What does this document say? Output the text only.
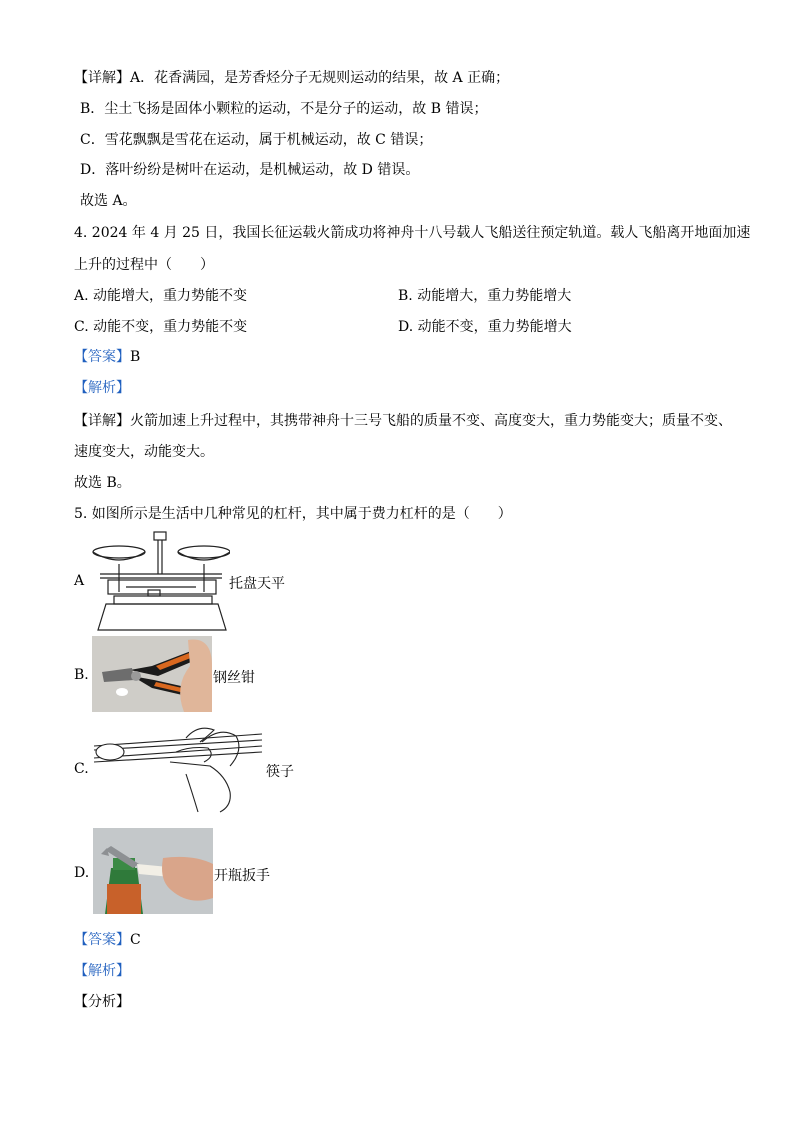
【详解】A．花香满园，是芳香烃分子无规则运动的结果，故 A 正确；
B．尘土飞扬是固体小颗粒的运动，不是分子的运动，故 B 错误；
C．雪花飘飘是雪花在运动，属于机械运动，故 C 错误；
D．落叶纷纷是树叶在运动，是机械运动，故 D 错误。
故选 A。
4. 2024 年 4 月 25 日，我国长征运载火箭成功将神舟十八号载人飞船送往预定轨道。载人飞船离开地面加速
上升的过程中（　　）
A. 动能增大，重力势能不变	B. 动能增大，重力势能增大
C. 动能不变，重力势能不变	D. 动能不变，重力势能增大
【答案】B
【解析】
【详解】火箭加速上升过程中，其携带神舟十三号飞船的质量不变、高度变大，重力势能变大；质量不变、
速度变大，动能变大。
故选 B。
5. 如图所示是生活中几种常见的杠杆，其中属于费力杠杆的是（　　）
A	托盘天平
B.	钢丝钳
C.	筷子
D.	开瓶扳手
【答案】C
【解析】
【分析】
